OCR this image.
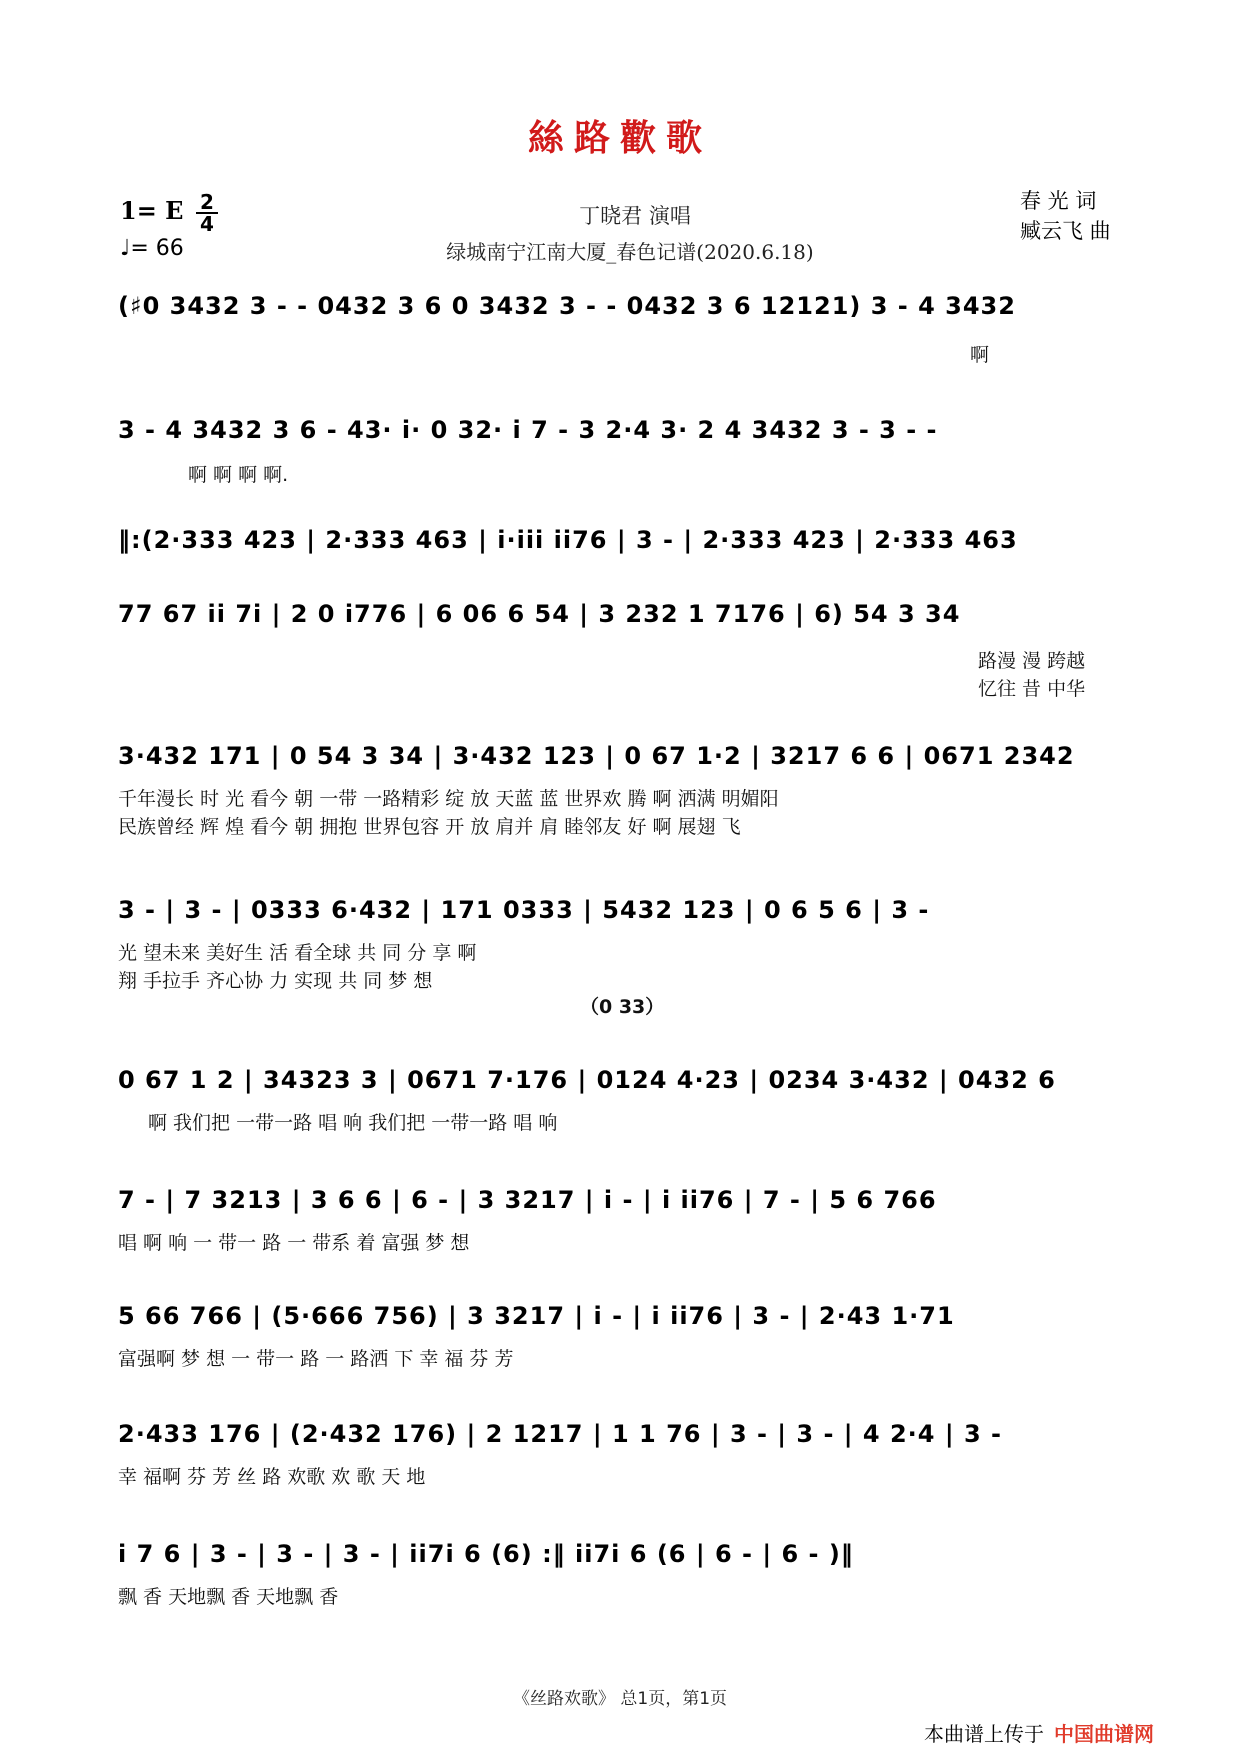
絲路歡歌
1= E 2
4
♩= 66
丁晓君 演唱
绿城南宁江南大厦_春色记谱(2020.6.18)
春 光 词
臧云飞 曲
(♯0 3432 3 - - 0432 3 6 0 3432 3 - - 0432 3 6 12121) 3 - 4 3432
啊
3 - 4 3432 3 6 - 43· i· 0 32· i 7 - 3 2·4 3· 2 4 3432 3 - 3 - -
啊 啊 啊 啊.
‖:(2·333 423 | 2·333 463 | i·iii ii76 | 3 - | 2·333 423 | 2·333 463
77 67 ii 7i | 2 0 i776 | 6 06 6 54 | 3 232 1 7176 | 6) 54 3 34
路漫 漫 跨越
忆往 昔 中华
3·432 171 | 0 54 3 34 | 3·432 123 | 0 67 1·2 | 3217 6 6 | 0671 2342
千年漫长 时 光 看今 朝 一带 一路精彩 绽 放 天蓝 蓝 世界欢 腾 啊 洒满 明媚阳
民族曾经 辉 煌 看今 朝 拥抱 世界包容 开 放 肩并 肩 睦邻友 好 啊 展翅 飞
3 - | 3 - | 0333 6·432 | 171 0333 | 5432 123 | 0 6 5 6 | 3 -
光 望未来 美好生 活 看全球 共 同 分 享 啊
翔 手拉手 齐心协 力 实现 共 同 梦 想
（0 33）
0 67 1 2 | 34323 3 | 0671 7·176 | 0124 4·23 | 0234 3·432 | 0432 6
啊 我们把 一带一路 唱 响 我们把 一带一路 唱 响
7 - | 7 3213 | 3 6 6 | 6 - | 3 3217 | i - | i ii76 | 7 - | 5 6 766
唱 啊 响 一 带一 路 一 带系 着 富强 梦 想
5 66 766 | (5·666 756) | 3 3217 | i - | i ii76 | 3 - | 2·43 1·71
富强啊 梦 想 一 带一 路 一 路洒 下 幸 福 芬 芳
2·433 176 | (2·432 176) | 2 1217 | 1 1 76 | 3 - | 3 - | 4 2·4 | 3 -
幸 福啊 芬 芳 丝 路 欢歌 欢 歌 天 地
i 7 6 | 3 - | 3 - | 3 - | ii7i 6 (6) :‖ ii7i 6 (6 | 6 - | 6 - )‖
飘 香 天地飘 香 天地飘 香
《丝路欢歌》 总1页，第1页
本曲谱上传于 中国曲谱网
